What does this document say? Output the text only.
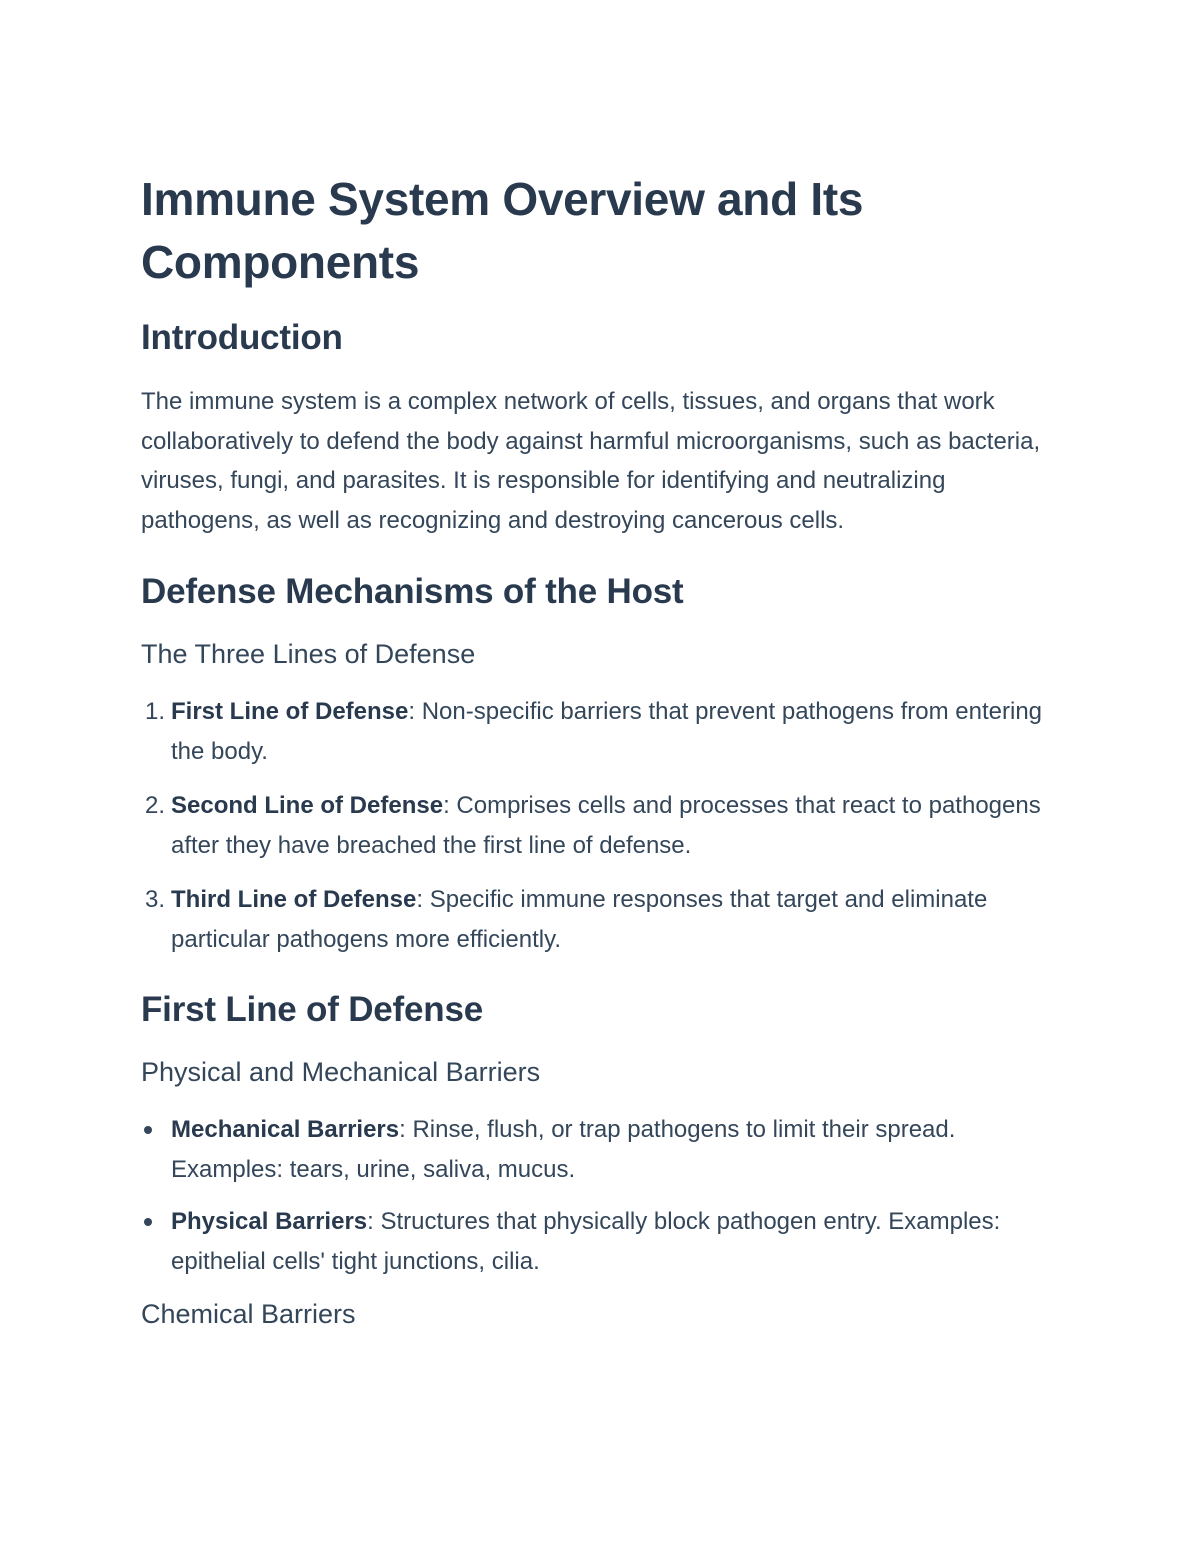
Immune System Overview and Its Components
Introduction

The immune system is a complex network of cells, tissues, and organs that work collaboratively to defend the body against harmful microorganisms, such as bacteria, viruses, fungi, and parasites. It is responsible for identifying and neutralizing pathogens, as well as recognizing and destroying cancerous cells.

Defense Mechanisms of the Host
The Three Lines of Defense
1. First Line of Defense: Non-specific barriers that prevent pathogens from entering the body.
2. Second Line of Defense: Comprises cells and processes that react to pathogens after they have breached the first line of defense.
3. Third Line of Defense: Specific immune responses that target and eliminate particular pathogens more efficiently.
First Line of Defense
Physical and Mechanical Barriers
Mechanical Barriers: Rinse, flush, or trap pathogens to limit their spread. Examples: tears, urine, saliva, mucus.
Physical Barriers: Structures that physically block pathogen entry. Examples: epithelial cells' tight junctions, cilia.
Chemical Barriers
